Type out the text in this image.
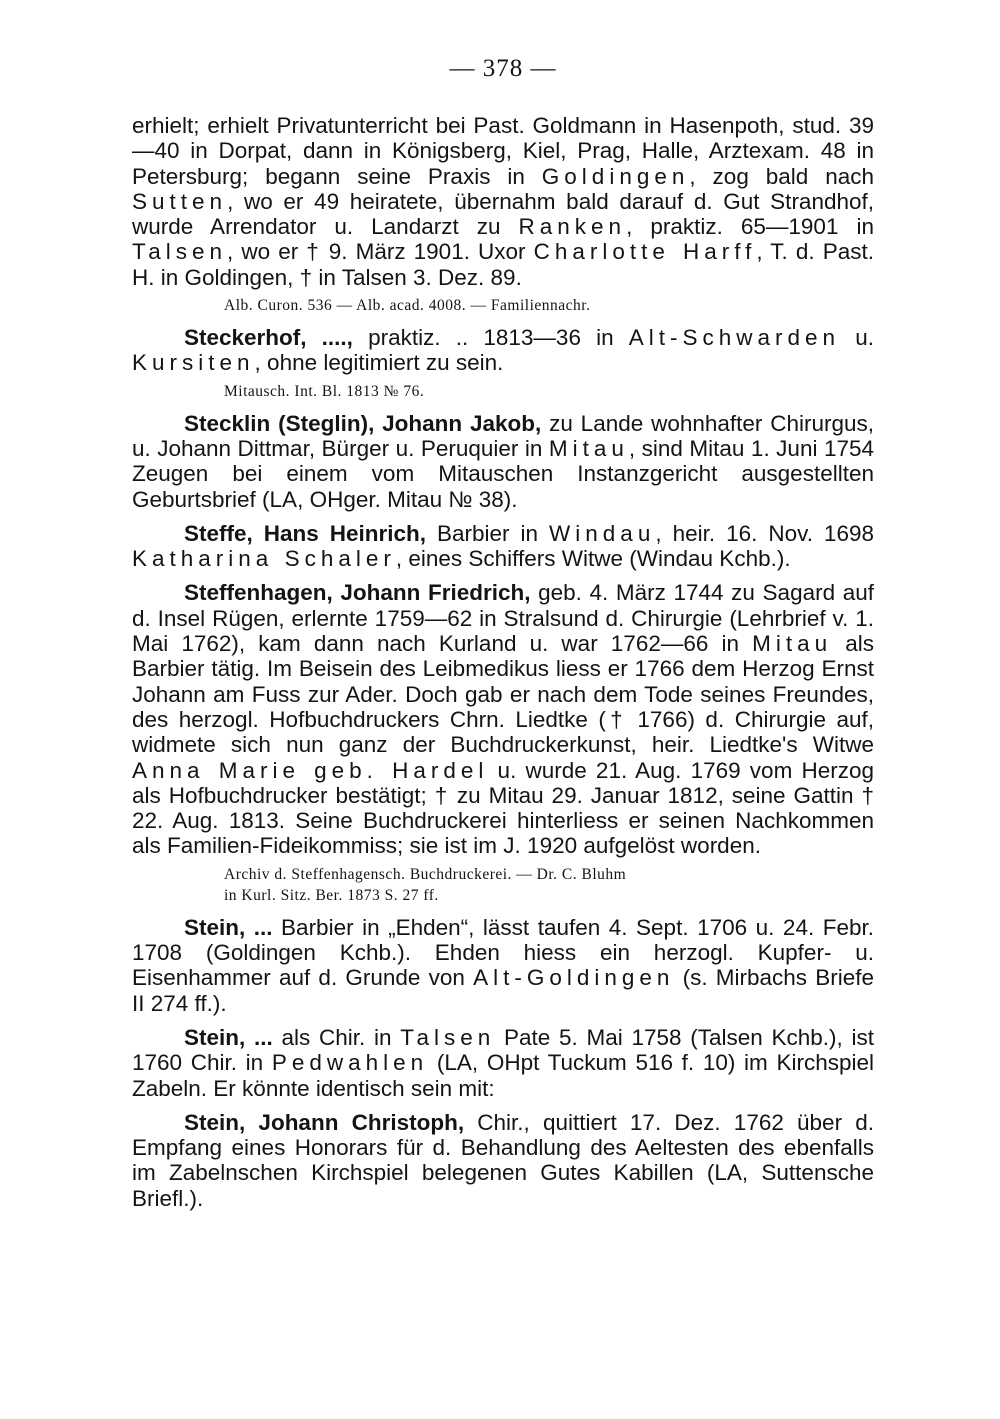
— 378 —

erhielt; erhielt Privatunterricht bei Past. Goldmann in Hasenpoth, stud. 39—40 in Dorpat, dann in Königsberg, Kiel, Prag, Halle, Arztexam. 48 in Petersburg; begann seine Praxis in Goldingen, zog bald nach Sutten, wo er 49 heiratete, übernahm bald darauf d. Gut Strandhof, wurde Arrendator u. Landarzt zu Ranken, praktiz. 65—1901 in Talsen, wo er † 9. März 1901. Uxor Charlotte Harff, T. d. Past. H. in Goldingen, † in Talsen 3. Dez. 89.

Alb. Curon. 536 — Alb. acad. 4008. — Familiennachr.

Steckerhof, ...., praktiz. .. 1813—36 in Alt-Schwarden u. Kursiten, ohne legitimiert zu sein.

Mitausch. Int. Bl. 1813 № 76.

Stecklin (Steglin), Johann Jakob, zu Lande wohnhafter Chirurgus, u. Johann Dittmar, Bürger u. Peruquier in Mitau, sind Mitau 1. Juni 1754 Zeugen bei einem vom Mitauschen Instanzgericht ausgestellten Geburtsbrief (LA, OHger. Mitau № 38).

Steffe, Hans Heinrich, Barbier in Windau, heir. 16. Nov. 1698 Katharina Schaler, eines Schiffers Witwe (Windau Kchb.).

Steffenhagen, Johann Friedrich, geb. 4. März 1744 zu Sagard auf d. Insel Rügen, erlernte 1759—62 in Stralsund d. Chirurgie (Lehrbrief v. 1. Mai 1762), kam dann nach Kurland u. war 1762—66 in Mitau als Barbier tätig. Im Beisein des Leibmedikus liess er 1766 dem Herzog Ernst Johann am Fuss zur Ader. Doch gab er nach dem Tode seines Freundes, des herzogl. Hofbuchdruckers Chrn. Liedtke († 1766) d. Chirurgie auf, widmete sich nun ganz der Buchdruckerkunst, heir. Liedtke's Witwe Anna Marie geb. Hardel u. wurde 21. Aug. 1769 vom Herzog als Hofbuchdrucker bestätigt; † zu Mitau 29. Januar 1812, seine Gattin † 22. Aug. 1813. Seine Buchdruckerei hinterliess er seinen Nachkommen als Familien-Fideikommiss; sie ist im J. 1920 aufgelöst worden.

Archiv d. Steffenhagensch. Buchdruckerei. — Dr. C. Bluhm
in Kurl. Sitz. Ber. 1873 S. 27 ff.

Stein, ... Barbier in „Ehden“, lässt taufen 4. Sept. 1706 u. 24. Febr. 1708 (Goldingen Kchb.). Ehden hiess ein herzogl. Kupfer- u. Eisenhammer auf d. Grunde von Alt-Goldingen (s. Mirbachs Briefe II 274 ff.).

Stein, ... als Chir. in Talsen Pate 5. Mai 1758 (Talsen Kchb.), ist 1760 Chir. in Pedwahlen (LA, OHpt Tuckum 516 f. 10) im Kirchspiel Zabeln. Er könnte identisch sein mit:

Stein, Johann Christoph, Chir., quittiert 17. Dez. 1762 über d. Empfang eines Honorars für d. Behandlung des Aeltesten des ebenfalls im Zabelnschen Kirchspiel belegenen Gutes Kabillen (LA, Suttensche Briefl.).
